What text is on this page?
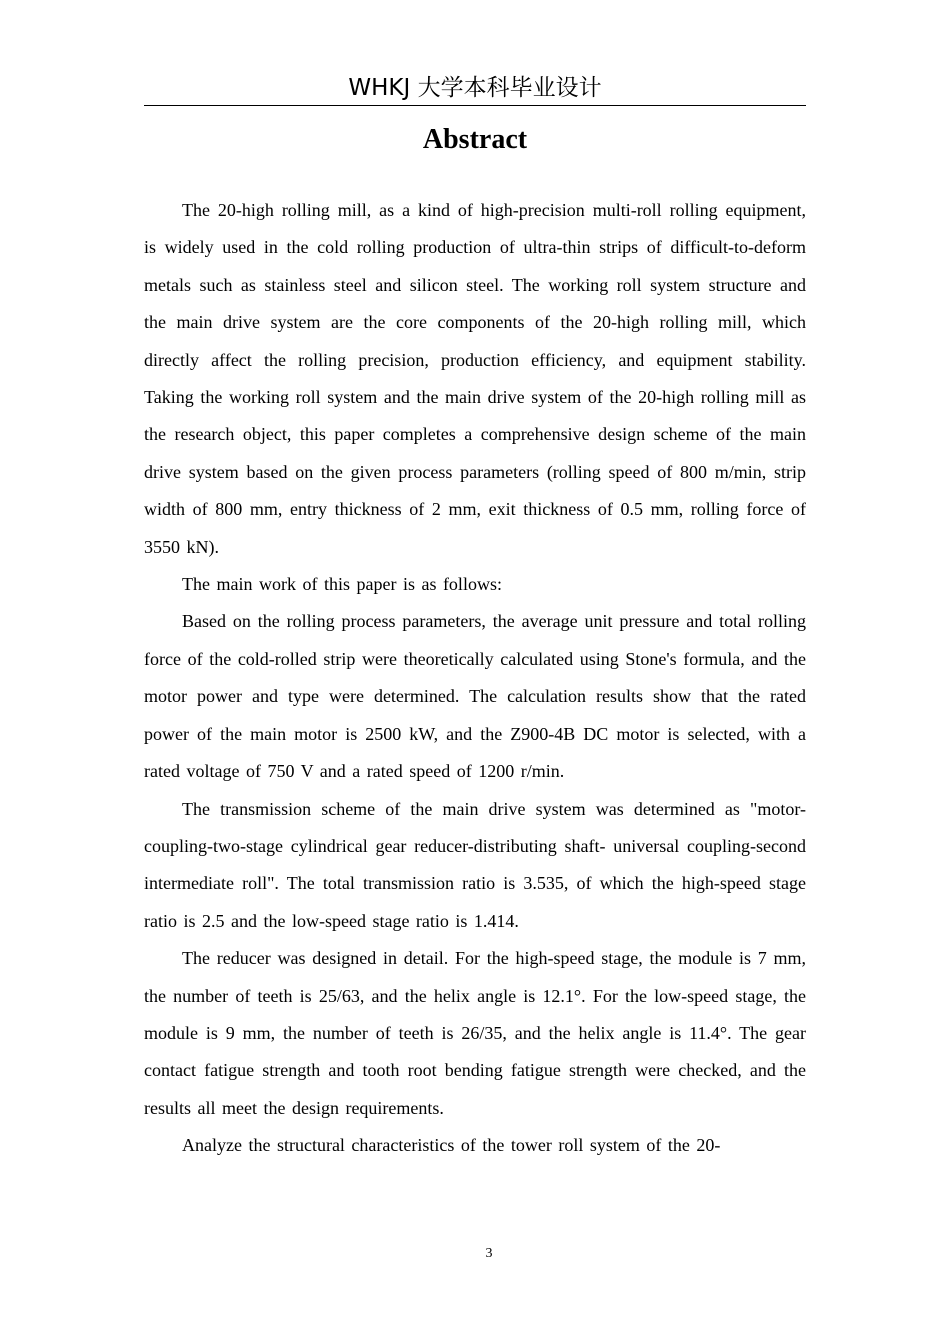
WHKJ 大学本科毕业设计
Abstract

The 20-high rolling mill, as a kind of high-precision multi-roll rolling equipment, is widely used in the cold rolling production of ultra-thin strips of difficult-to-deform metals such as stainless steel and silicon steel. The working roll system structure and the main drive system are the core components of the 20-high rolling mill, which directly affect the rolling precision, production efficiency, and equipment stability. Taking the working roll system and the main drive system of the 20-high rolling mill as the research object, this paper completes a comprehensive design scheme of the main drive system based on the given process parameters (rolling speed of 800 m/min, strip width of 800 mm, entry thickness of 2 mm, exit thickness of 0.5 mm, rolling force of 3550 kN).

The main work of this paper is as follows:

Based on the rolling process parameters, the average unit pressure and total rolling force of the cold-rolled strip were theoretically calculated using Stone's formula, and the motor power and type were determined. The calculation results show that the rated power of the main motor is 2500 kW, and the Z900-4B DC motor is selected, with a rated voltage of 750 V and a rated speed of 1200 r/min.

The transmission scheme of the main drive system was determined as "motor-coupling-two-stage cylindrical gear reducer-distributing shaft- universal coupling-second intermediate roll". The total transmission ratio is 3.535, of which the high-speed stage ratio is 2.5 and the low-speed stage ratio is 1.414.

The reducer was designed in detail. For the high-speed stage, the module is 7 mm, the number of teeth is 25/63, and the helix angle is 12.1°. For the low-speed stage, the module is 9 mm, the number of teeth is 26/35, and the helix angle is 11.4°. The gear contact fatigue strength and tooth root bending fatigue strength were checked, and the results all meet the design requirements.

Analyze the structural characteristics of the tower roll system of the 20-

3
